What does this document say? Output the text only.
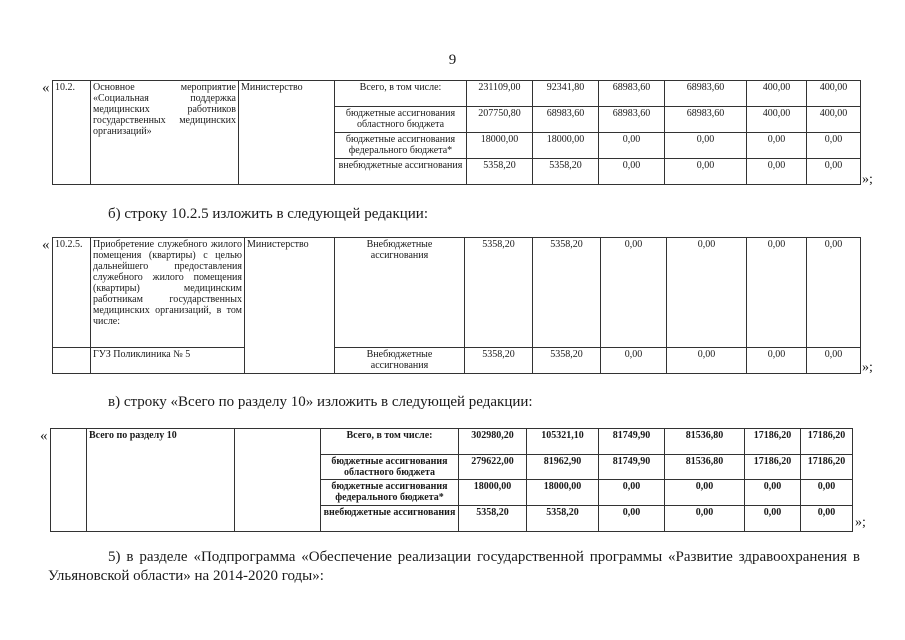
9
« 10.2.	Основное мероприятие «Социальная поддержка медицинских работников государственных медицинских организаций»	Министерство	Всего, в том числе:	231109,00	92341,80	68983,60	68983,60	400,00	400,00
			бюджетные ассигнования областного бюджета	207750,80	68983,60	68983,60	68983,60	400,00	400,00
			бюджетные ассигнования федерального бюджета*	18000,00	18000,00	0,00	0,00	0,00	0,00
			внебюджетные ассигнования	5358,20	5358,20	0,00	0,00	0,00	0,00
»;
б) строку 10.2.5 изложить в следующей редакции:
« 10.2.5.	Приобретение служебного жилого помещения (квартиры) с целью дальнейшего предоставления служебного жилого помещения (квартиры) медицинским работникам государственных медицинских организаций, в том числе:	Министерство	Внебюджетные ассигнования	5358,20	5358,20	0,00	0,00	0,00	0,00
	ГУЗ Поликлиника № 5		Внебюджетные ассигнования	5358,20	5358,20	0,00	0,00	0,00	0,00
»;
в) строку «Всего по разделу 10» изложить в следующей редакции:
«
		Всего по разделу 10		Всего, в том числе:	302980,20	105321,10	81749,90	81536,80	17186,20	17186,20
			бюджетные ассигнования областного бюджета	279622,00	81962,90	81749,90	81536,80	17186,20	17186,20
			бюджетные ассигнования федерального бюджета*	18000,00	18000,00	0,00	0,00	0,00	0,00
			внебюджетные ассигнования	5358,20	5358,20	0,00	0,00	0,00	0,00
»;
5) в разделе «Подпрограмма «Обеспечение реализации государственной программы «Развитие здравоохранения в Ульяновской области» на 2014-2020 годы»:
